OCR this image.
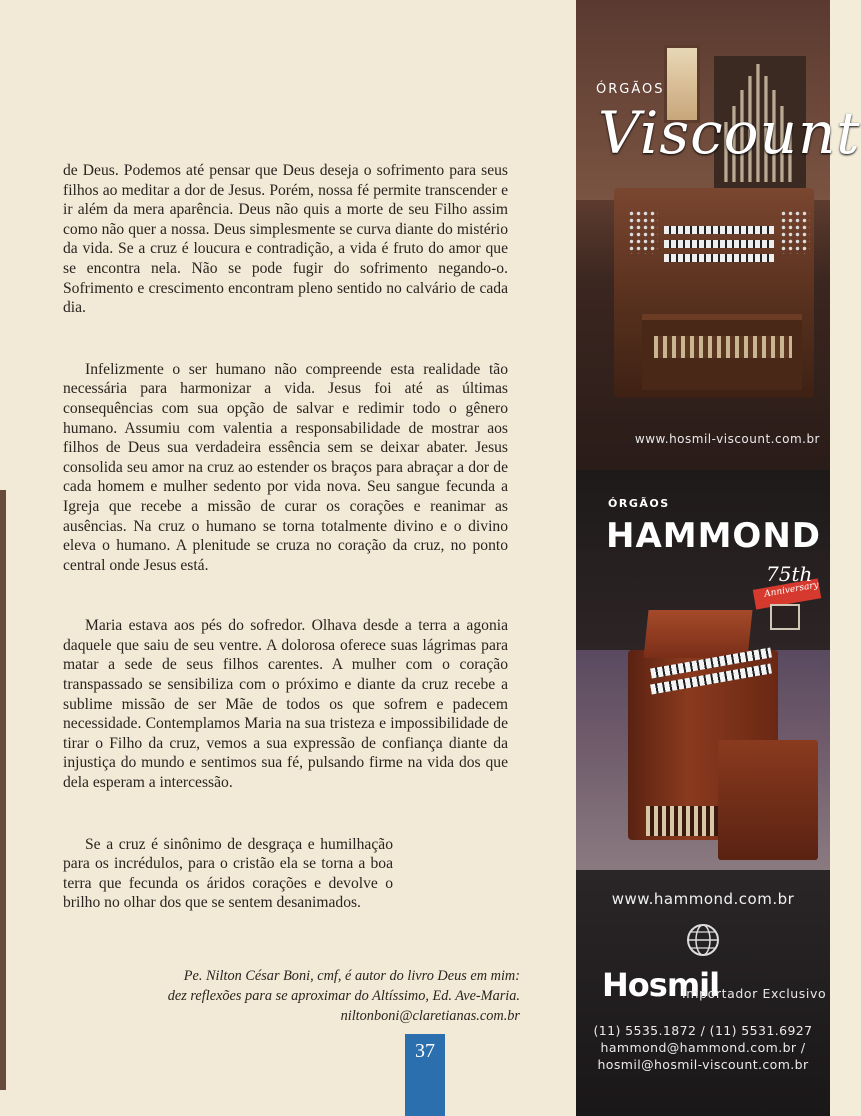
de Deus. Podemos até pensar que Deus deseja o sofrimento para seus filhos ao meditar a dor de Jesus. Porém, nossa fé permite transcender e ir além da mera aparência. Deus não quis a morte de seu Filho assim como não quer a nossa. Deus simplesmente se curva diante do mistério da vida. Se a cruz é loucura e contradição, a vida é fruto do amor que se encontra nela. Não se pode fugir do sofrimento negando-o. Sofrimento e crescimento encontram pleno sentido no calvário de cada dia.

Infelizmente o ser humano não compreende esta realidade tão necessária para harmonizar a vida. Jesus foi até as últimas consequências com sua opção de salvar e redimir todo o gênero humano. Assumiu com valentia a responsabilidade de mostrar aos filhos de Deus sua verdadeira essência sem se deixar abater. Jesus consolida seu amor na cruz ao estender os braços para abraçar a dor de cada homem e mulher sedento por vida nova. Seu sangue fecunda a Igreja que recebe a missão de curar os corações e reanimar as ausências. Na cruz o humano se torna totalmente divino e o divino eleva o humano. A plenitude se cruza no coração da cruz, no ponto central onde Jesus está.

Maria estava aos pés do sofredor. Olhava desde a terra a agonia daquele que saiu de seu ventre. A dolorosa oferece suas lágrimas para matar a sede de seus filhos carentes. A mulher com o coração transpassado se sensibiliza com o próximo e diante da cruz recebe a sublime missão de ser Mãe de todos os que sofrem e padecem necessidade. Contemplamos Maria na sua tristeza e impossibilidade de tirar o Filho da cruz, vemos a sua expressão de confiança diante da injustiça do mundo e sentimos sua fé, pulsando firme na vida dos que dela esperam a intercessão.

Se a cruz é sinônimo de desgraça e humilhação para os incrédulos, para o cristão ela se torna a boa terra que fecunda os áridos corações e devolve o brilho no olhar dos que se sentem desanimados.

Pe. Nilton César Boni, cmf, é autor do livro Deus em mim:
dez reflexões para se aproximar do Altíssimo, Ed. Ave-Maria.
niltonboni@claretianas.com.br
37
ÓRGÃOS
Viscount
www.hosmil-viscount.com.br
ÓRGÃOS
HAMMOND
75th
Anniversary
www.hammond.com.br
Hosmil
Importador Exclusivo
(11) 5535.1872 / (11) 5531.6927
hammond@hammond.com.br /
hosmil@hosmil-viscount.com.br
